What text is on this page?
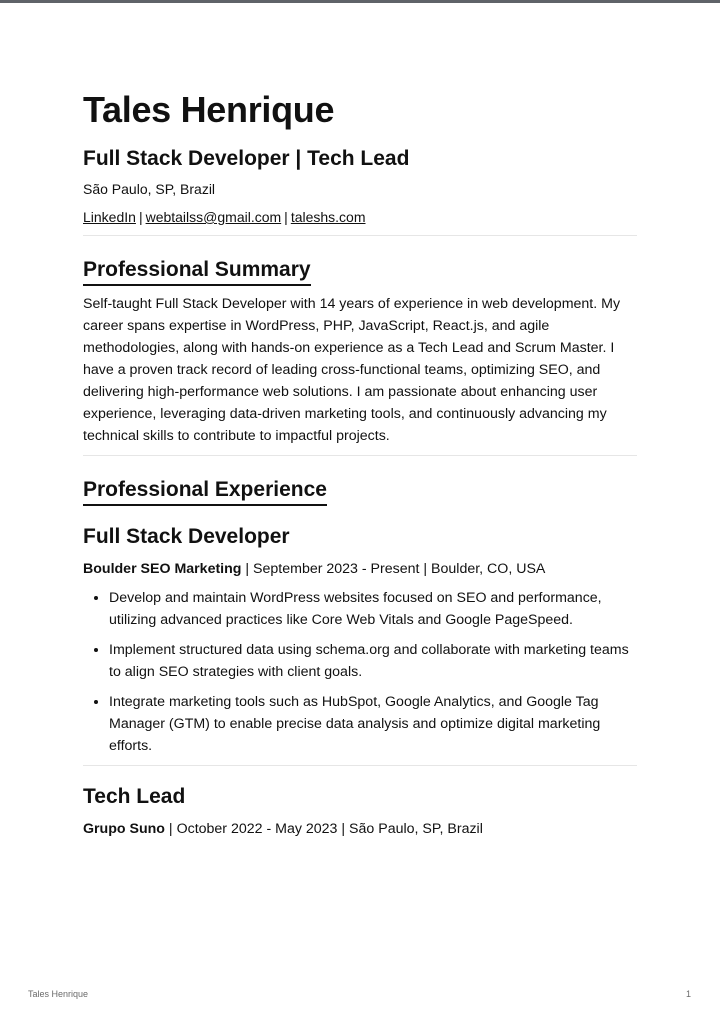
Tales Henrique
Full Stack Developer | Tech Lead
São Paulo, SP, Brazil
LinkedIn | webtailss@gmail.com | taleshs.com
Professional Summary

Self-taught Full Stack Developer with 14 years of experience in web development. My career spans expertise in WordPress, PHP, JavaScript, React.js, and agile methodologies, along with hands-on experience as a Tech Lead and Scrum Master. I have a proven track record of leading cross-functional teams, optimizing SEO, and delivering high-performance web solutions. I am passionate about enhancing user experience, leveraging data-driven marketing tools, and continuously advancing my technical skills to contribute to impactful projects.

Professional Experience
Full Stack Developer
Boulder SEO Marketing | September 2023 - Present | Boulder, CO, USA
• Develop and maintain WordPress websites focused on SEO and performance, utilizing advanced practices like Core Web Vitals and Google PageSpeed.
• Implement structured data using schema.org and collaborate with marketing teams to align SEO strategies with client goals.
• Integrate marketing tools such as HubSpot, Google Analytics, and Google Tag Manager (GTM) to enable precise data analysis and optimize digital marketing efforts.
Tech Lead
Grupo Suno | October 2022 - May 2023 | São Paulo, SP, Brazil
Tales Henrique	1
